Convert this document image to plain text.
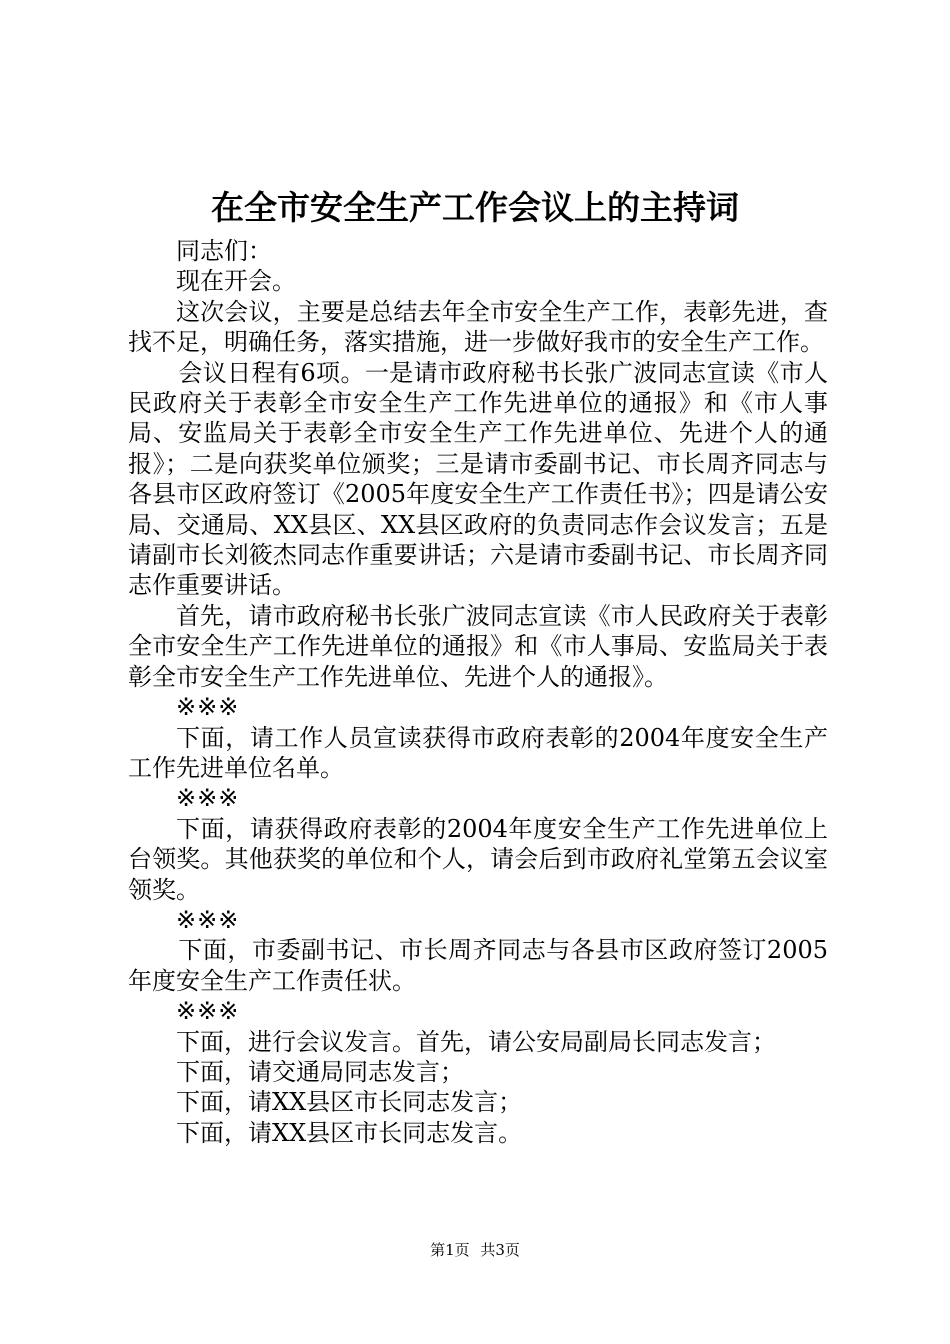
在全市安全生产工作会议上的主持词

同志们：

现在开会。

这次会议，主要是总结去年全市安全生产工作，表彰先进，查找不足，明确任务，落实措施，进一步做好我市的安全生产工作。

会议日程有6项。一是请市政府秘书长张广波同志宣读《市人民政府关于表彰全市安全生产工作先进单位的通报》和《市人事局、安监局关于表彰全市安全生产工作先进单位、先进个人的通报》；二是向获奖单位颁奖；三是请市委副书记、市长周齐同志与各县市区政府签订《2005年度安全生产工作责任书》；四是请公安局、交通局、XX县区、XX县区政府的负责同志作会议发言；五是请副市长刘筱杰同志作重要讲话；六是请市委副书记、市长周齐同志作重要讲话。

首先，请市政府秘书长张广波同志宣读《市人民政府关于表彰全市安全生产工作先进单位的通报》和《市人事局、安监局关于表彰全市安全生产工作先进单位、先进个人的通报》。

※※※

下面，请工作人员宣读获得市政府表彰的2004年度安全生产工作先进单位名单。

※※※

下面，请获得政府表彰的2004年度安全生产工作先进单位上台领奖。其他获奖的单位和个人，请会后到市政府礼堂第五会议室领奖。

※※※

下面，市委副书记、市长周齐同志与各县市区政府签订2005年度安全生产工作责任状。

※※※

下面，进行会议发言。首先，请公安局副局长同志发言；

下面，请交通局同志发言；

下面，请XX县区市长同志发言；

下面，请XX县区市长同志发言。

第1页 共3页
